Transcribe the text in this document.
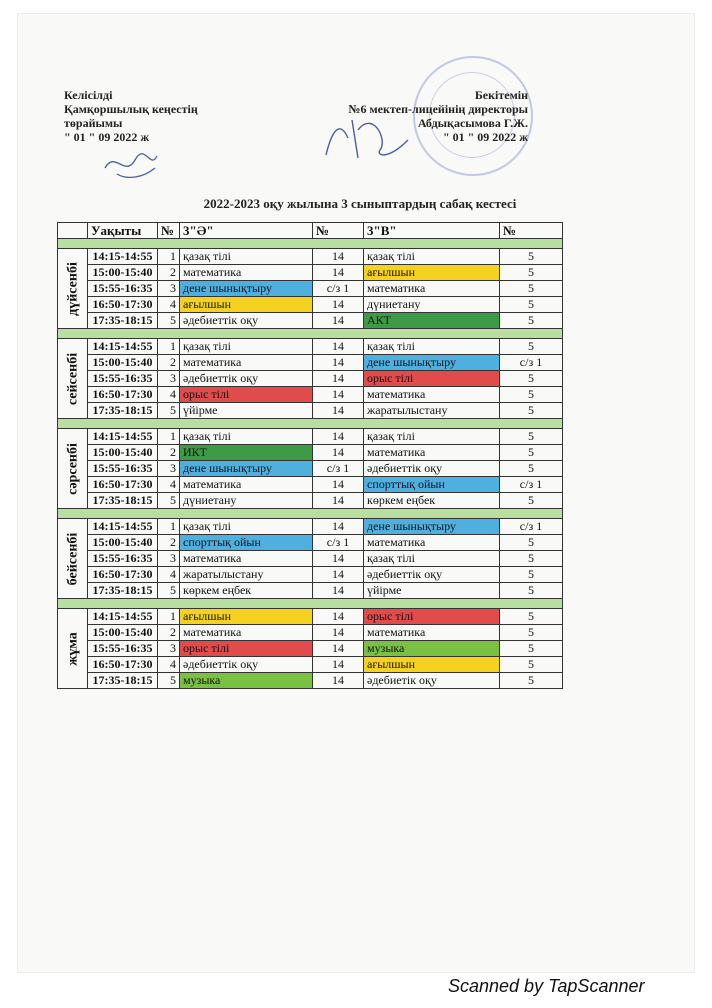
Келісілді
Қамқоршылық кеңестің
төрайымы
" 01 " 09 2022 ж
Бекітемін
№6 мектеп-лицейінің директоры
Абдықасымова Г.Ж.
" 01 " 09 2022 ж
2022-2023 оқу жылына 3 сыныптардың сабақ кестесі
	Уақыты	№	3"Ә"	№	3"В"	№

дүйсенбі	14:15-14:55	1	қазақ тілі	14	қазақ тілі	5
	15:00-15:40	2	математика	14	ағылшын	5
	15:55-16:35	3	дене шынықтыру	с/з 1	математика	5
	16:50-17:30	4	ағылшын	14	дүниетану	5
	17:35-18:15	5	әдебиеттік оқу	14	АКТ	5

сейсенбі	14:15-14:55	1	қазақ тілі	14	қазақ тілі	5
	15:00-15:40	2	математика	14	дене шынықтыру	с/з 1
	15:55-16:35	3	әдебиеттік оқу	14	орыс тілі	5
	16:50-17:30	4	орыс тілі	14	математика	5
	17:35-18:15	5	үйірме	14	жаратылыстану	5

сәрсенбі	14:15-14:55	1	қазақ тілі	14	қазақ тілі	5
	15:00-15:40	2	ИКТ	14	математика	5
	15:55-16:35	3	дене шынықтыру	с/з 1	әдебиеттік оқу	5
	16:50-17:30	4	математика	14	спорттық ойын	с/з 1
	17:35-18:15	5	дүниетану	14	көркем еңбек	5

бейсенбі	14:15-14:55	1	қазақ тілі	14	дене шынықтыру	с/з 1
	15:00-15:40	2	спорттық ойын	с/з 1	математика	5
	15:55-16:35	3	математика	14	қазақ тілі	5
	16:50-17:30	4	жаратылыстану	14	әдебиеттік оқу	5
	17:35-18:15	5	көркем еңбек	14	үйірме	5

жұма	14:15-14:55	1	ағылшын	14	орыс тілі	5
	15:00-15:40	2	математика	14	математика	5
	15:55-16:35	3	орыс тілі	14	музыка	5
	16:50-17:30	4	әдебиеттік оқу	14	ағылшын	5
	17:35-18:15	5	музыка	14	әдебиетік оқу	5
Scanned by TapScanner
